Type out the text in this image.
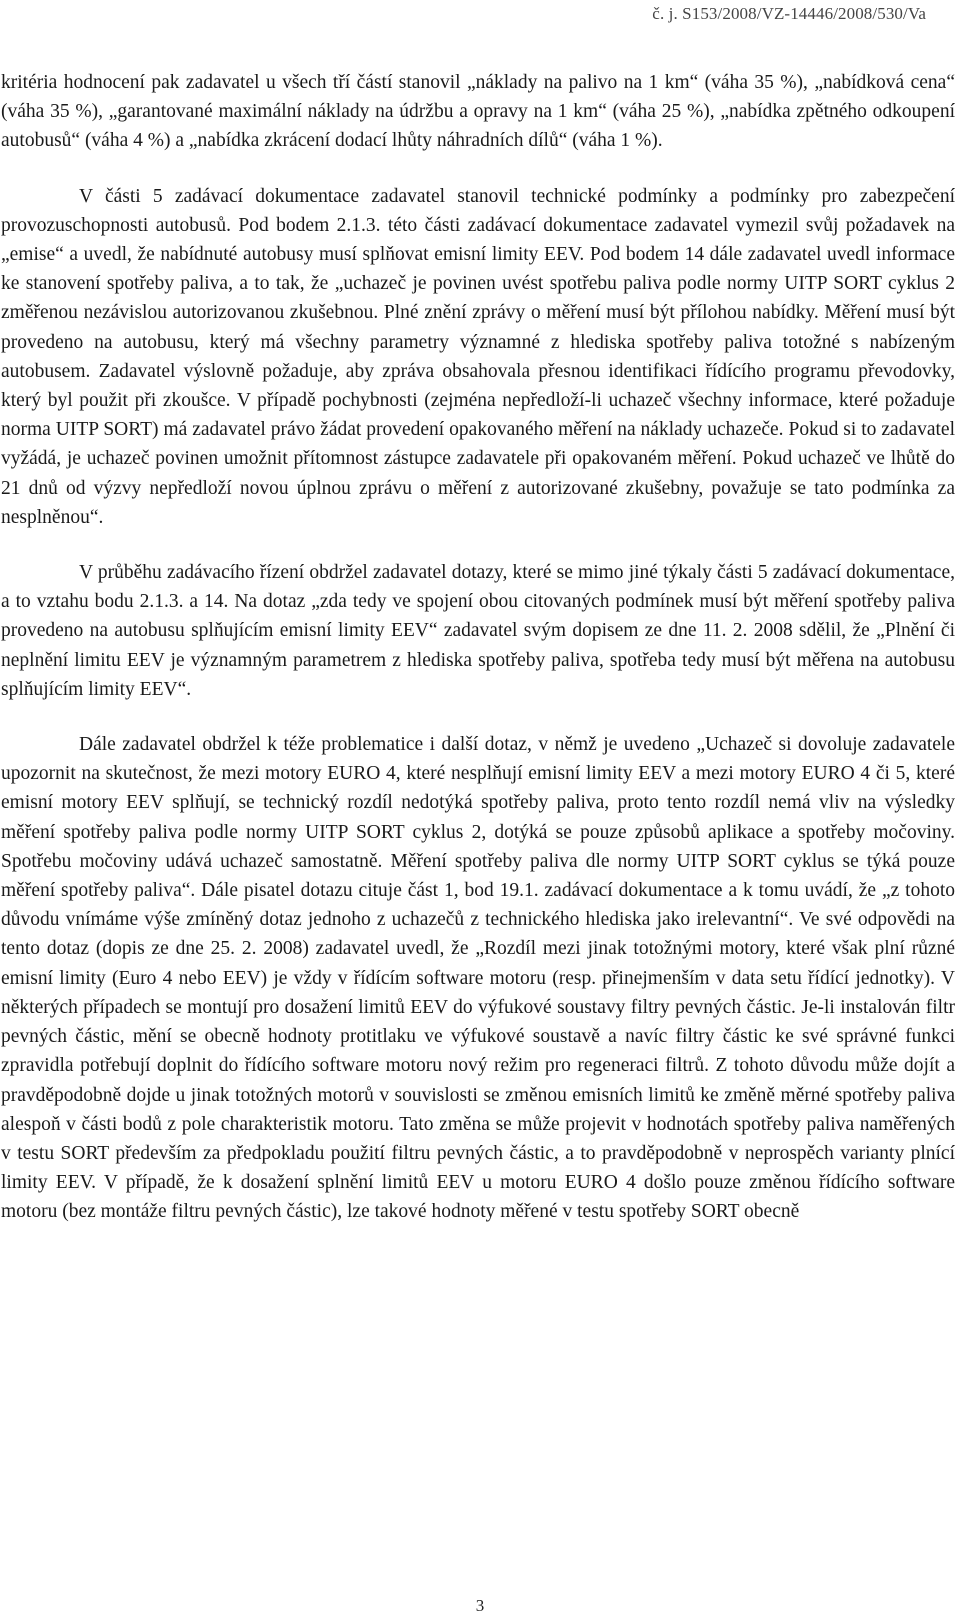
č. j. S153/2008/VZ-14446/2008/530/Va

kritéria hodnocení pak zadavatel u všech tří částí stanovil „náklady na palivo na 1 km“ (váha 35 %), „nabídková cena“ (váha 35 %), „garantované maximální náklady na údržbu a opravy na 1 km“ (váha 25 %), „nabídka zpětného odkoupení autobusů“ (váha 4 %) a „nabídka zkrácení dodací lhůty náhradních dílů“ (váha 1 %).

V části 5 zadávací dokumentace zadavatel stanovil technické podmínky a podmínky pro zabezpečení provozuschopnosti autobusů. Pod bodem 2.1.3. této části zadávací dokumentace zadavatel vymezil svůj požadavek na „emise“ a uvedl, že nabídnuté autobusy musí splňovat emisní limity EEV. Pod bodem 14 dále zadavatel uvedl informace ke stanovení spotřeby paliva, a to tak, že „uchazeč je povinen uvést spotřebu paliva podle normy UITP SORT cyklus 2 změřenou nezávislou autorizovanou zkušebnou. Plné znění zprávy o měření musí být přílohou nabídky. Měření musí být provedeno na autobusu, který má všechny parametry významné z hlediska spotřeby paliva totožné s nabízeným autobusem. Zadavatel výslovně požaduje, aby zpráva obsahovala přesnou identifikaci řídícího programu převodovky, který byl použit při zkoušce. V případě pochybnosti (zejména nepředloží-li uchazeč všechny informace, které požaduje norma UITP SORT) má zadavatel právo žádat provedení opakovaného měření na náklady uchazeče. Pokud si to zadavatel vyžádá, je uchazeč povinen umožnit přítomnost zástupce zadavatele při opakovaném měření. Pokud uchazeč ve lhůtě do 21 dnů od výzvy nepředloží novou úplnou zprávu o měření z autorizované zkušebny, považuje se tato podmínka za nesplněnou“.

V průběhu zadávacího řízení obdržel zadavatel dotazy, které se mimo jiné týkaly části 5 zadávací dokumentace, a to vztahu bodu 2.1.3. a 14. Na dotaz „zda tedy ve spojení obou citovaných podmínek musí být měření spotřeby paliva provedeno na autobusu splňujícím emisní limity EEV“ zadavatel svým dopisem ze dne 11. 2. 2008 sdělil, že „Plnění či neplnění limitu EEV je významným parametrem z hlediska spotřeby paliva, spotřeba tedy musí být měřena na autobusu splňujícím limity EEV“.

Dále zadavatel obdržel k téže problematice i další dotaz, v němž je uvedeno „Uchazeč si dovoluje zadavatele upozornit na skutečnost, že mezi motory EURO 4, které nesplňují emisní limity EEV a mezi motory EURO 4 či 5, které emisní motory EEV splňují, se technický rozdíl nedotýká spotřeby paliva, proto tento rozdíl nemá vliv na výsledky měření spotřeby paliva podle normy UITP SORT cyklus 2, dotýká se pouze způsobů aplikace a spotřeby močoviny. Spotřebu močoviny udává uchazeč samostatně. Měření spotřeby paliva dle normy UITP SORT cyklus se týká pouze měření spotřeby paliva“. Dále pisatel dotazu cituje část 1, bod 19.1. zadávací dokumentace a k tomu uvádí, že „z tohoto důvodu vnímáme výše zmíněný dotaz jednoho z uchazečů z technického hlediska jako irelevantní“. Ve své odpovědi na tento dotaz (dopis ze dne 25. 2. 2008) zadavatel uvedl, že „Rozdíl mezi jinak totožnými motory, které však plní různé emisní limity (Euro 4 nebo EEV) je vždy v řídícím software motoru (resp. přinejmenším v data setu řídící jednotky). V některých případech se montují pro dosažení limitů EEV do výfukové soustavy filtry pevných částic. Je-li instalován filtr pevných částic, mění se obecně hodnoty protitlaku ve výfukové soustavě a navíc filtry částic ke své správné funkci zpravidla potřebují doplnit do řídícího software motoru nový režim pro regeneraci filtrů. Z tohoto důvodu může dojít a pravděpodobně dojde u jinak totožných motorů v souvislosti se změnou emisních limitů ke změně měrné spotřeby paliva alespoň v části bodů z pole charakteristik motoru. Tato změna se může projevit v hodnotách spotřeby paliva naměřených v testu SORT především za předpokladu použití filtru pevných částic, a to pravděpodobně v neprospěch varianty plnící limity EEV. V případě, že k dosažení splnění limitů EEV u motoru EURO 4 došlo pouze změnou řídícího software motoru (bez montáže filtru pevných částic), lze takové hodnoty měřené v testu spotřeby SORT obecně

3
